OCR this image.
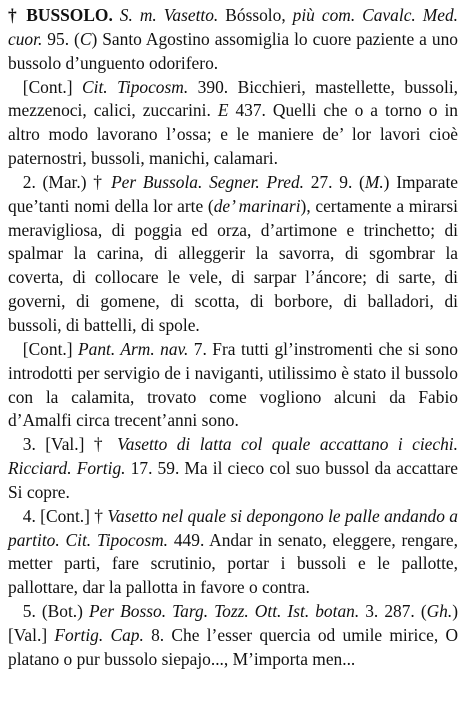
† BUSSOLO. S. m. Vasetto. Bóssolo, più com. Cavalc. Med. cuor. 95. (C) Santo Agostino assomiglia lo cuore paziente a uno bussolo d’unguento odorifero.

[Cont.] Cit. Tipocosm. 390. Bicchieri, mastellette, bussoli, mezzenoci, calici, zuccarini. E 437. Quelli che o a torno o in altro modo lavorano l’ossa; e le maniere de’ lor lavori cioè paternostri, bussoli, manichi, calamari.

2. (Mar.) † Per Bussola. Segner. Pred. 27. 9. (M.) Imparate que’tanti nomi della lor arte (de’ marinari), certamente a mirarsi meravigliosa, di poggia ed orza, d’artimone e trinchetto; di spalmar la carina, di alleggerir la savorra, di sgombrar la coverta, di collocare le vele, di sarpar l’áncore; di sarte, di governi, di gomene, di scotta, di borbore, di balladori, di bussoli, di battelli, di spole.

[Cont.] Pant. Arm. nav. 7. Fra tutti gl’instromenti che si sono introdotti per servigio de i naviganti, utilissimo è stato il bussolo con la calamita, trovato come vogliono alcuni da Fabio d’Amalfi circa trecent’anni sono.

3. [Val.] † Vasetto di latta col quale accattano i ciechi. Ricciard. Fortig. 17. 59. Ma il cieco col suo bussol da accattare Si copre.

4. [Cont.] † Vasetto nel quale si depongono le palle andando a partito. Cit. Tipocosm. 449. Andar in senato, eleggere, rengare, metter parti, fare scrutinio, portar i bussoli e le pallotte, pallottare, dar la pallotta in favore o contra.

5. (Bot.) Per Bosso. Targ. Tozz. Ott. Ist. botan. 3. 287. (Gh.) [Val.] Fortig. Cap. 8. Che l’esser quercia od umile mirice, O platano o pur bussolo siepajo..., M’importa men...
